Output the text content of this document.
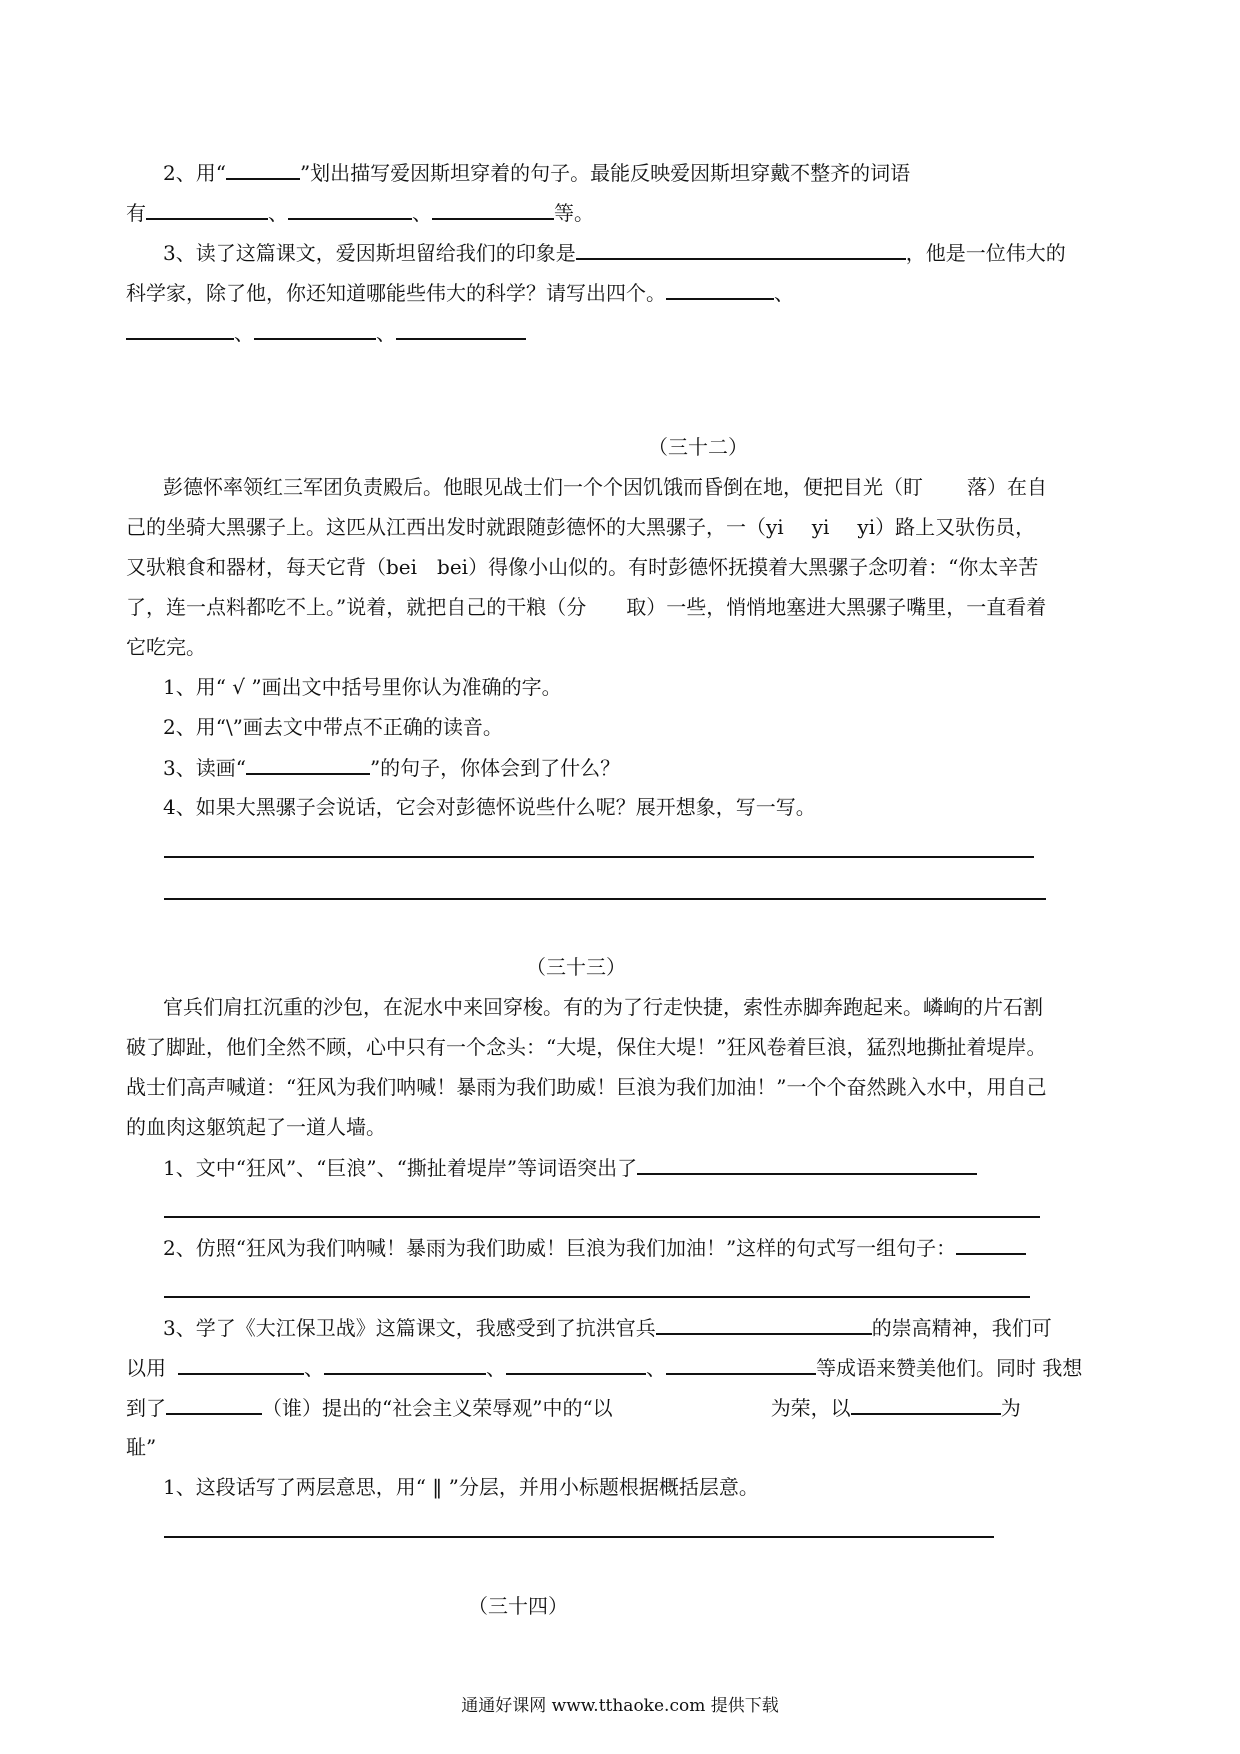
2、用“	”划出描写爱因斯坦穿着的句子。最能反映爱因斯坦穿戴不整齐的词语
有	、	、	等。
3、读了这篇课文，爱因斯坦留给我们的印象是	，他是一位伟大的
科学家，除了他，你还知道哪能些伟大的科学？请写出四个。	、
、	、
（三十二）
彭德怀率领红三军团负责殿后。他眼见战士们一个个因饥饿而昏倒在地，便把目光（盯 落）在自
己的坐骑大黑骡子上。这匹从江西出发时就跟随彭德怀的大黑骡子，一（yi yi yi）路上又驮伤员，
又驮粮食和器材，每天它背（bei bei）得像小山似的。有时彭德怀抚摸着大黑骡子念叨着：“你太辛苦
了，连一点料都吃不上。”说着，就把自己的干粮（分 取）一些，悄悄地塞进大黑骡子嘴里，一直看着
它吃完。
1、用“ √ ”画出文中括号里你认为准确的字。
2、用“\”画去文中带点不正确的读音。
3、读画“	”的句子，你体会到了什么？
4、如果大黑骡子会说话，它会对彭德怀说些什么呢？展开想象，写一写。
（三十三）
官兵们肩扛沉重的沙包，在泥水中来回穿梭。有的为了行走快捷，索性赤脚奔跑起来。嶙峋的片石割
破了脚趾，他们全然不顾，心中只有一个念头：“大堤，保住大堤！”狂风卷着巨浪，猛烈地撕扯着堤岸。
战士们高声喊道：“狂风为我们呐喊！暴雨为我们助威！巨浪为我们加油！”一个个奋然跳入水中，用自己
的血肉这躯筑起了一道人墙。
1、文中“狂风”、“巨浪”、“撕扯着堤岸”等词语突出了
2、仿照“狂风为我们呐喊！暴雨为我们助威！巨浪为我们加油！”这样的句式写一组句子：
3、学了《大江保卫战》这篇课文，我感受到了抗洪官兵	的崇高精神，我们可
以用	、	、	、	等成语来赞美他们。同时 我想
到了	（谁）提出的“社会主义荣辱观”中的“以	为荣，以	为
耻”
1、这段话写了两层意思，用“ ‖ ”分层，并用小标题根据概括层意。
（三十四）
通通好课网 www.tthaoke.com 提供下载
